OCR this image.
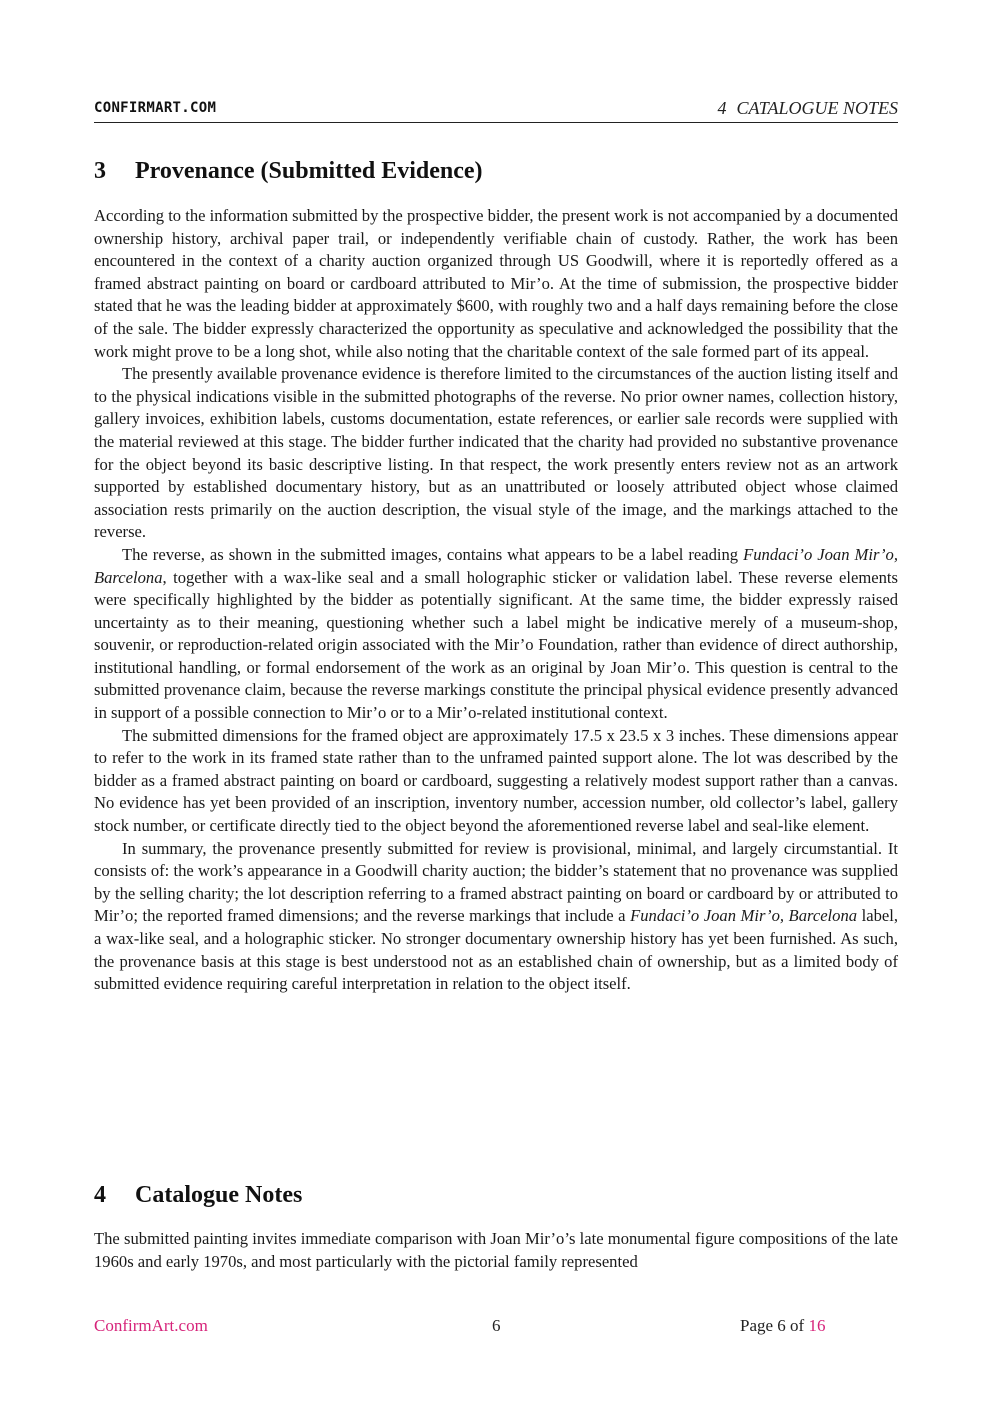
CONFIRMART.COM	4 CATALOGUE NOTES
3 Provenance (Submitted Evidence)

According to the information submitted by the prospective bidder, the present work is not accompanied by a documented ownership history, archival paper trail, or independently verifiable chain of custody. Rather, the work has been encountered in the context of a charity auction organized through US Goodwill, where it is reportedly offered as a framed abstract painting on board or cardboard attributed to Mir’o. At the time of submission, the prospective bidder stated that he was the leading bidder at approximately $600, with roughly two and a half days remaining before the close of the sale. The bidder expressly characterized the opportunity as speculative and acknowledged the possibility that the work might prove to be a long shot, while also noting that the charitable context of the sale formed part of its appeal.

The presently available provenance evidence is therefore limited to the circumstances of the auction listing itself and to the physical indications visible in the submitted photographs of the reverse. No prior owner names, collection history, gallery invoices, exhibition labels, customs documentation, estate references, or earlier sale records were supplied with the material reviewed at this stage. The bidder further indicated that the charity had provided no substantive provenance for the object beyond its basic descriptive listing. In that respect, the work presently enters review not as an artwork supported by established documentary history, but as an unattributed or loosely attributed object whose claimed association rests primarily on the auction description, the visual style of the image, and the markings attached to the reverse.

The reverse, as shown in the submitted images, contains what appears to be a label reading Fundaci’o Joan Mir’o, Barcelona, together with a wax-like seal and a small holographic sticker or validation label. These reverse elements were specifically highlighted by the bidder as potentially significant. At the same time, the bidder expressly raised uncertainty as to their meaning, questioning whether such a label might be indicative merely of a museum-shop, souvenir, or reproduction-related origin associated with the Mir’o Foundation, rather than evidence of direct authorship, institutional handling, or formal endorsement of the work as an original by Joan Mir’o. This question is central to the submitted provenance claim, because the reverse markings constitute the principal physical evidence presently advanced in support of a possible connection to Mir’o or to a Mir’o-related institutional context.

The submitted dimensions for the framed object are approximately 17.5 x 23.5 x 3 inches. These dimensions appear to refer to the work in its framed state rather than to the unframed painted support alone. The lot was described by the bidder as a framed abstract painting on board or cardboard, suggesting a relatively modest support rather than a canvas. No evidence has yet been provided of an inscription, inventory number, accession number, old collector’s label, gallery stock number, or certificate directly tied to the object beyond the aforementioned reverse label and seal-like element.

In summary, the provenance presently submitted for review is provisional, minimal, and largely circumstantial. It consists of: the work’s appearance in a Goodwill charity auction; the bidder’s statement that no provenance was supplied by the selling charity; the lot description referring to a framed abstract painting on board or cardboard by or attributed to Mir’o; the reported framed dimensions; and the reverse markings that include a Fundaci’o Joan Mir’o, Barcelona label, a wax-like seal, and a holographic sticker. No stronger documentary ownership history has yet been furnished. As such, the provenance basis at this stage is best understood not as an established chain of ownership, but as a limited body of submitted evidence requiring careful interpretation in relation to the object itself.

4 Catalogue Notes

The submitted painting invites immediate comparison with Joan Mir’o’s late monumental figure compositions of the late 1960s and early 1970s, and most particularly with the pictorial family represented

ConfirmArt.com	6	Page 6 of 16
